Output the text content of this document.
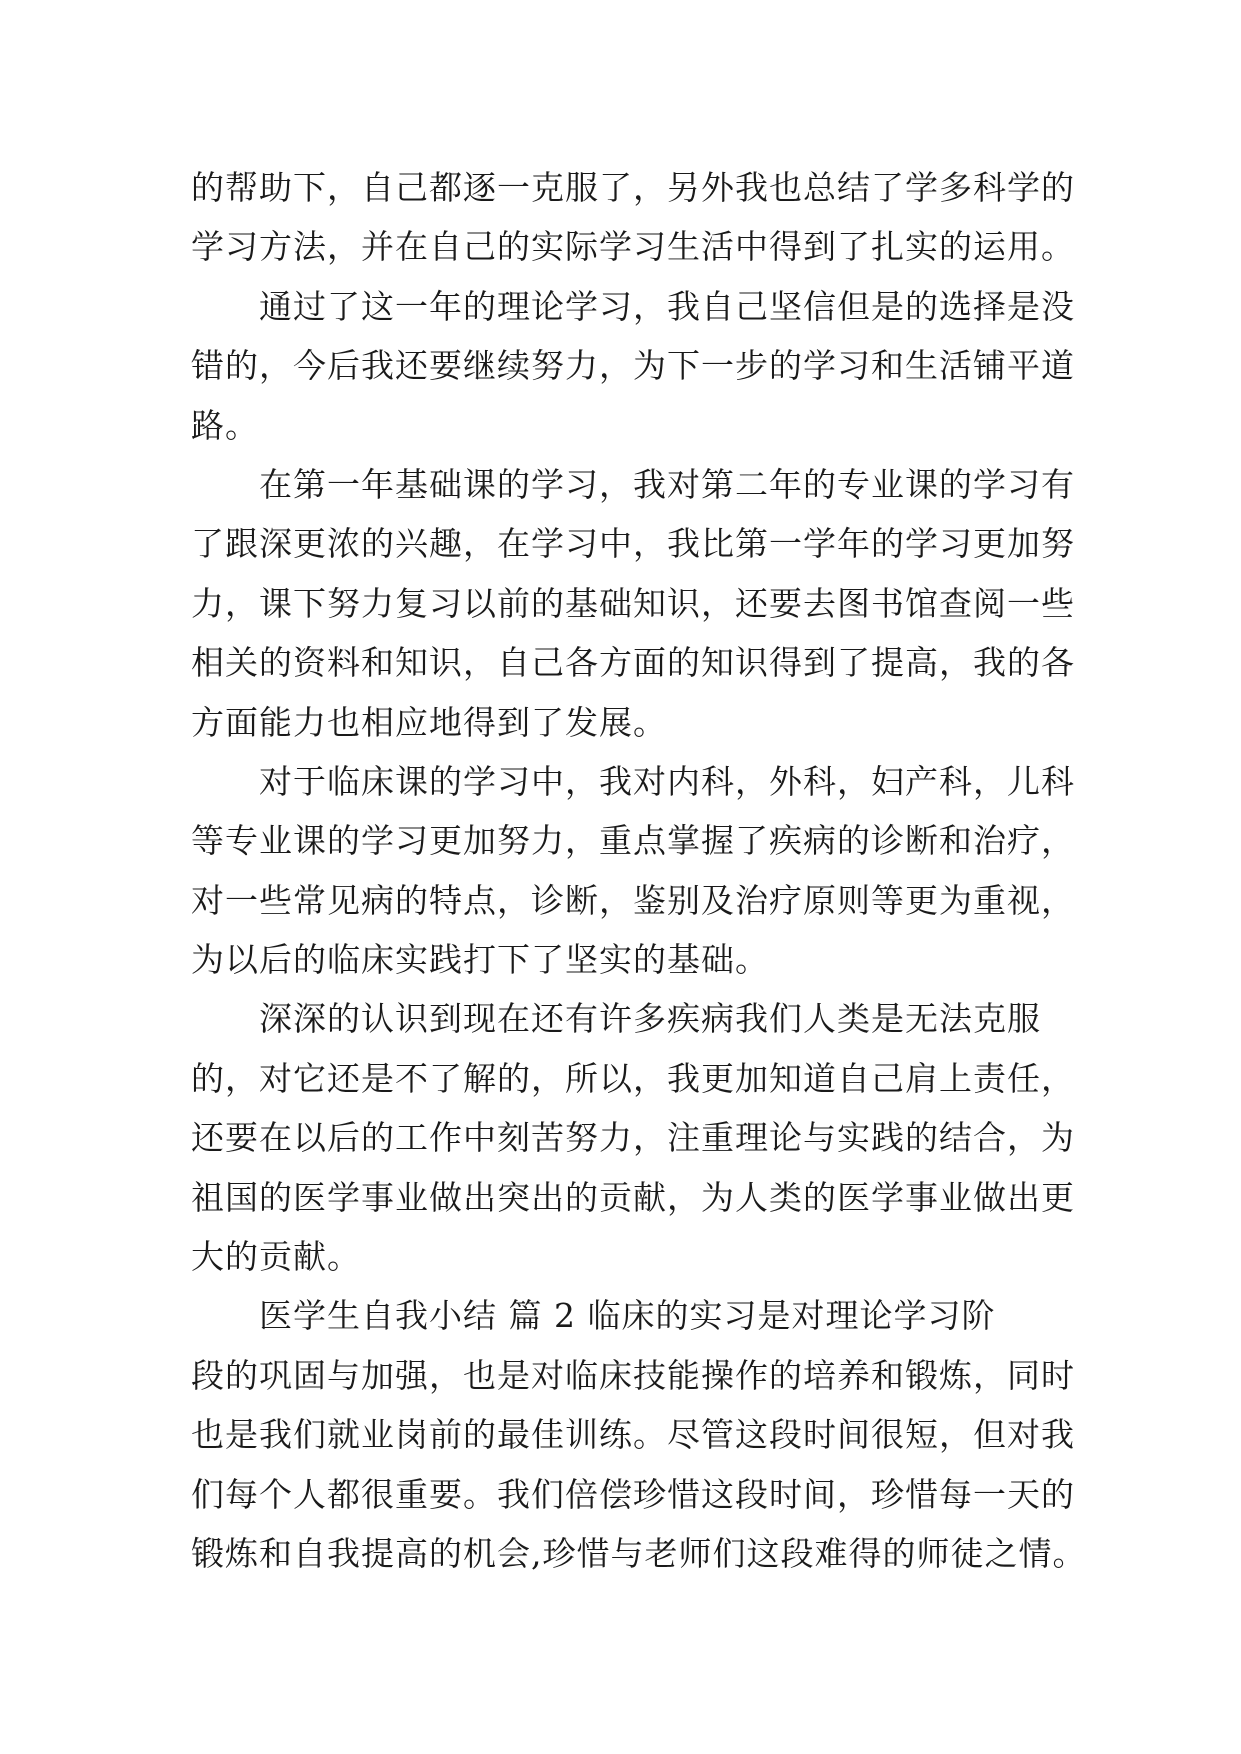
的帮助下，自己都逐一克服了，另外我也总结了学多科学的
学习方法，并在自己的实际学习生活中得到了扎实的运用。
通过了这一年的理论学习，我自己坚信但是的选择是没
错的，今后我还要继续努力，为下一步的学习和生活铺平道
路。
在第一年基础课的学习，我对第二年的专业课的学习有
了跟深更浓的兴趣，在学习中，我比第一学年的学习更加努
力，课下努力复习以前的基础知识，还要去图书馆查阅一些
相关的资料和知识，自己各方面的知识得到了提高，我的各
方面能力也相应地得到了发展。
对于临床课的学习中，我对内科，外科，妇产科，儿科
等专业课的学习更加努力，重点掌握了疾病的诊断和治疗，
对一些常见病的特点，诊断，鉴别及治疗原则等更为重视，
为以后的临床实践打下了坚实的基础。
深深的认识到现在还有许多疾病我们人类是无法克服
的，对它还是不了解的，所以，我更加知道自己肩上责任，
还要在以后的工作中刻苦努力，注重理论与实践的结合，为
祖国的医学事业做出突出的贡献，为人类的医学事业做出更
大的贡献。
医学生自我小结 篇 2 临床的实习是对理论学习阶
段的巩固与加强，也是对临床技能操作的培养和锻炼，同时
也是我们就业岗前的最佳训练。尽管这段时间很短，但对我
们每个人都很重要。我们倍偿珍惜这段时间，珍惜每一天的
锻炼和自我提高的机会,珍惜与老师们这段难得的师徒之情。
